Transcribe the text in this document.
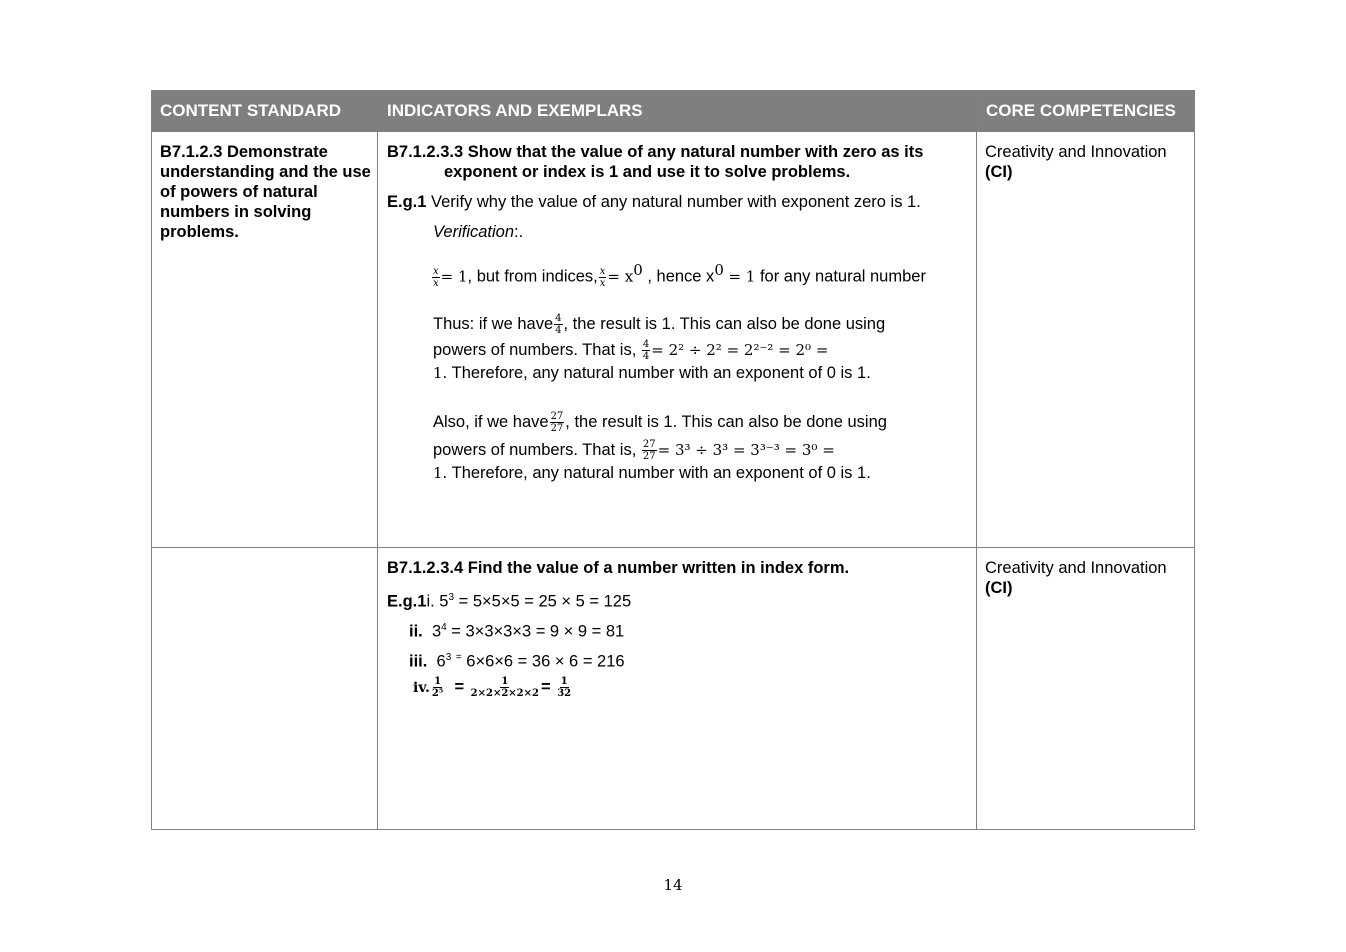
CONTENT STANDARD	INDICATORS AND EXEMPLARS	CORE COMPETENCIES
B7.1.2.3 Demonstrate understanding and the use of powers of natural numbers in solving problems.
B7.1.2.3.3 Show that the value of any natural number with zero as its
exponent or index is 1 and use it to solve problems.
E.g.1 Verify why the value of any natural number with exponent zero is 1.
Verification:.
$\frac{x}{x} = 1$, but from indices, $\frac{x}{x} = x^0$ , hence $x^0 = 1$ for any natural number
Thus: if we have $\frac{4}{4}$ , the result is 1. This can also be done using
powers of numbers. That is, $\frac{4}{4} = 2^2 \div 2^2 = 2^{2-2} = 2^0$ =
1. Therefore, any natural number with an exponent of 0 is 1.
Also, if we have $\frac{27}{27}$ , the result is 1. This can also be done using
powers of numbers. That is, $\frac{27}{27} = 3^3 \div 3^3 = 3^{3-3} = 3^0$ =
1. Therefore, any natural number with an exponent of 0 is 1.
Creativity and Innovation
(CI)
B7.1.2.3.4 Find the value of a number written in index form.
E.g.1i. $5^3 = 5\times 5\times 5 = 25 \times 5 = 125$
ii. $3^4 = 3\times 3\times 3\times 3 = 9 \times 9 = 81$
iii. $6^3$ = 6×6×6 = 36 × 6 = 216
iv. $\frac{1}{\text{2⁵}} = \frac{1}{2\times 2\times 2\times 2\times 2} = \frac{1}{32}$
Creativity and Innovation
(CI)
14
